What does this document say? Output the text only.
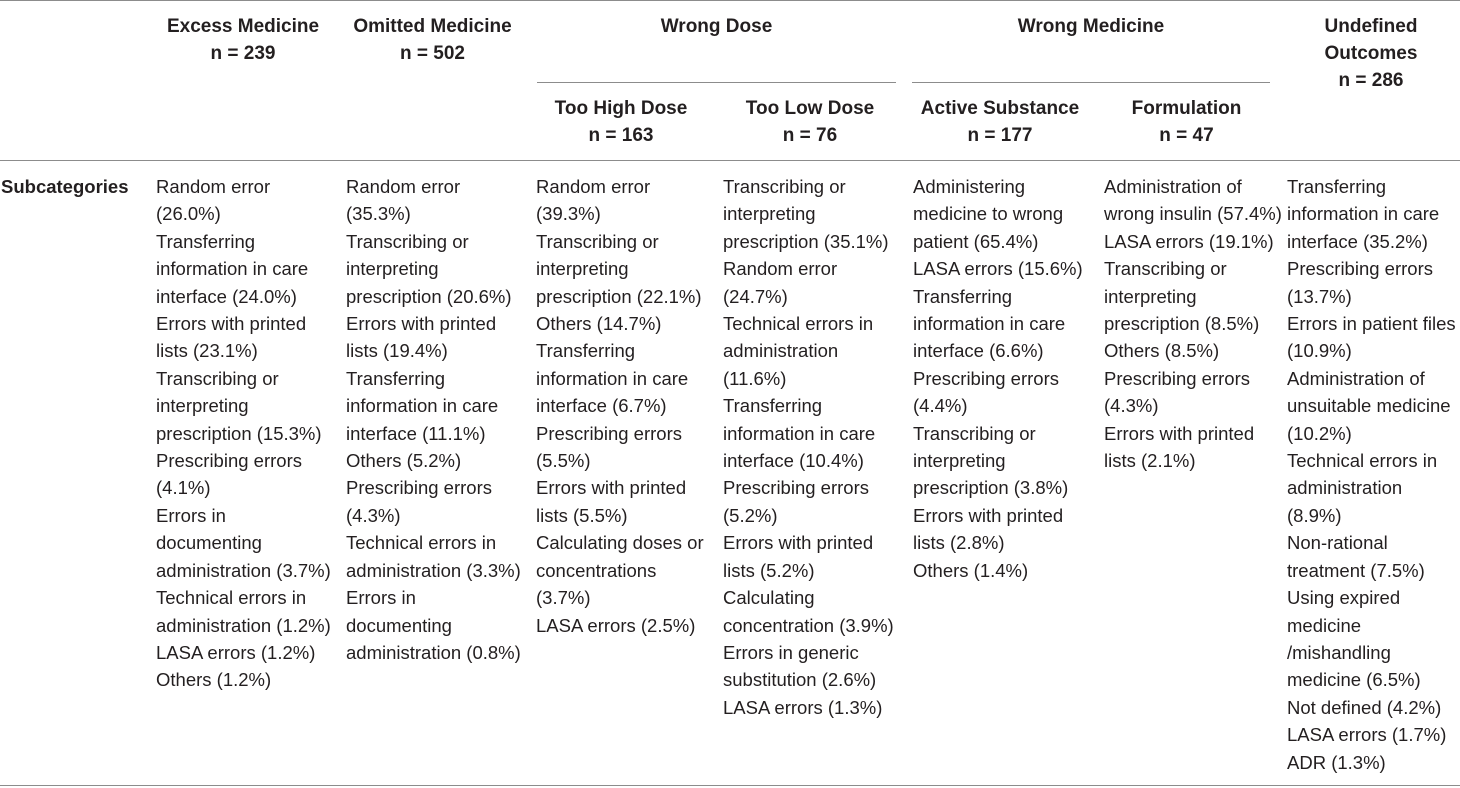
Excess Medicine
n = 239
Omitted Medicine
n = 502
Wrong Dose	Wrong Medicine	Undefined
Outcomes
n = 286
Too High Dose
n = 163
Too Low Dose
n = 76
Active Substance
n = 177
Formulation
n = 47
Subcategories Random error (26.0%)
Transferring information in care interface (24.0%)
Errors with printed lists (23.1%)
Transcribing or interpreting prescription (15.3%)
Prescribing errors (4.1%)
Errors in documenting administration (3.7%)
Technical errors in administration (1.2%)
LASA errors (1.2%)
Others (1.2%)
Random error (35.3%)
Transcribing or interpreting prescription (20.6%)
Errors with printed lists (19.4%)
Transferring information in care interface (11.1%)
Others (5.2%)
Prescribing errors (4.3%)
Technical errors in administration (3.3%)
Errors in documenting administration (0.8%)
Random error (39.3%)
Transcribing or interpreting prescription (22.1%)
Others (14.7%)
Transferring information in care interface (6.7%)
Prescribing errors (5.5%)
Errors with printed lists (5.5%)
Calculating doses or concentrations (3.7%)
LASA errors (2.5%)
Transcribing or interpreting prescription (35.1%)
Random error (24.7%)
Technical errors in administration (11.6%)
Transferring information in care interface (10.4%)
Prescribing errors (5.2%)
Errors with printed lists (5.2%)
Calculating concentration (3.9%)
Errors in generic substitution (2.6%)
LASA errors (1.3%)
Administering medicine to wrong patient (65.4%)
LASA errors (15.6%)
Transferring information in care interface (6.6%)
Prescribing errors (4.4%)
Transcribing or interpreting prescription (3.8%)
Errors with printed lists (2.8%)
Others (1.4%)
Administration of wrong insulin (57.4%)
LASA errors (19.1%)
Transcribing or interpreting prescription (8.5%)
Others (8.5%)
Prescribing errors (4.3%)
Errors with printed lists (2.1%)
Transferring information in care interface (35.2%)
Prescribing errors (13.7%)
Errors in patient files (10.9%)
Administration of unsuitable medicine (10.2%)
Technical errors in administration (8.9%)
Non-rational treatment (7.5%)
Using expired medicine /mishandling medicine (6.5%)
Not defined (4.2%)
LASA errors (1.7%)
ADR (1.3%)
